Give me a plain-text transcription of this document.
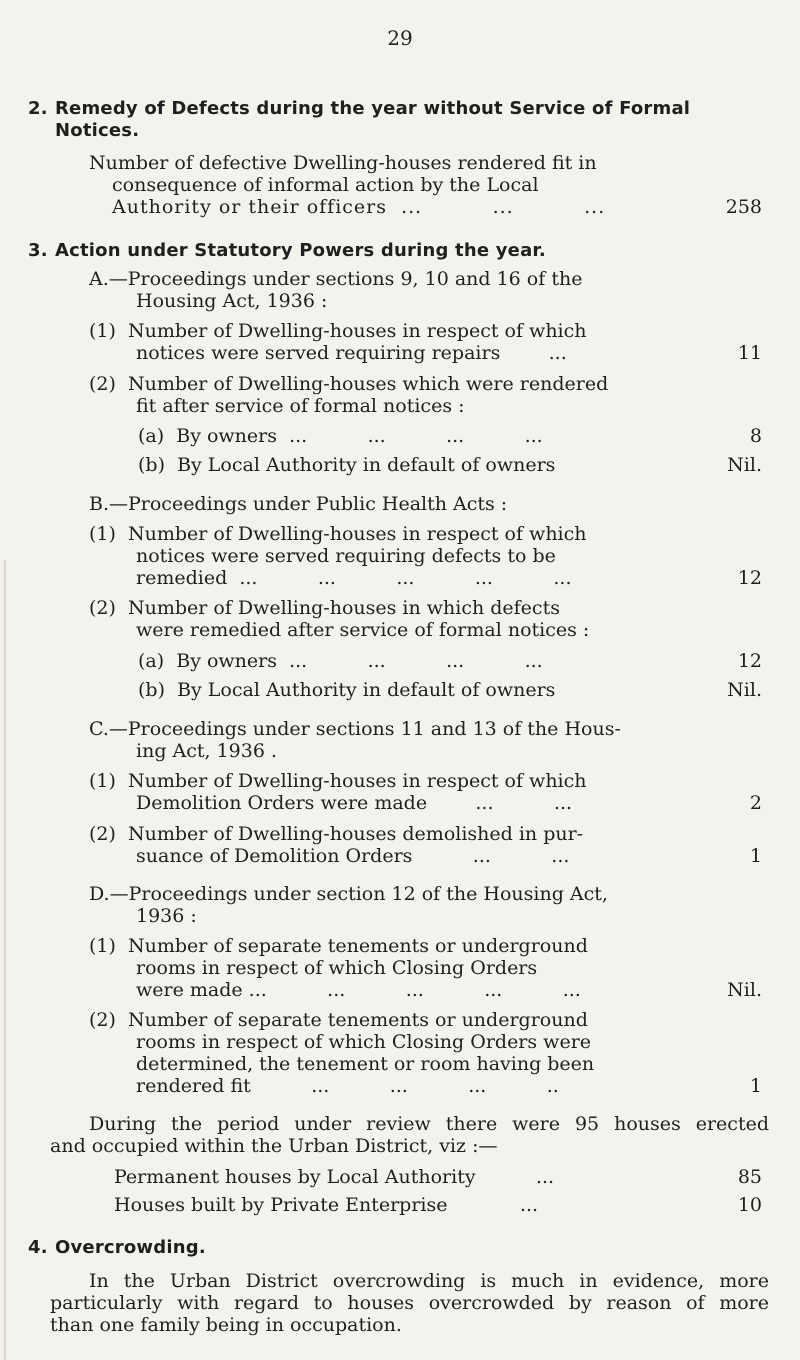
29
2. Remedy of Defects during the year without Service of Formal
Notices.
Number of defective Dwelling-houses rendered fit in
consequence of informal action by the Local
Authority or their officers  ...          ...          ...	258
3. Action under Statutory Powers during the year.
A.—Proceedings under sections 9, 10 and 16 of the
Housing Act, 1936 :
(1)  Number of Dwelling-houses in respect of which
notices were served requiring repairs        ...	11
(2)  Number of Dwelling-houses which were rendered
fit after service of formal notices :
(a)  By owners  ...          ...          ...          ...	8
(b)  By Local Authority in default of owners	Nil.
B.—Proceedings under Public Health Acts :
(1)  Number of Dwelling-houses in respect of which
notices were served requiring defects to be
remedied  ...          ...          ...          ...          ...	12
(2)  Number of Dwelling-houses in which defects
were remedied after service of formal notices :
(a)  By owners  ...          ...          ...          ...	12
(b)  By Local Authority in default of owners	Nil.
C.—Proceedings under sections 11 and 13 of the Hous-
ing Act, 1936 .
(1)  Number of Dwelling-houses in respect of which
Demolition Orders were made        ...          ...	2
(2)  Number of Dwelling-houses demolished in pur-
suance of Demolition Orders          ...          ...	1
D.—Proceedings under section 12 of the Housing Act,
1936 :
(1)  Number of separate tenements or underground
rooms in respect of which Closing Orders
were made ...          ...          ...          ...          ...	Nil.
(2)  Number of separate tenements or underground
rooms in respect of which Closing Orders were
determined, the tenement or room having been
rendered fit          ...          ...          ...          ..	1
During the period under review there were 95 houses erected
and occupied within the Urban District, viz :—
Permanent houses by Local Authority          ...	85
Houses built by Private Enterprise            ...	10
4. Overcrowding.
In the Urban District overcrowding is much in evidence, more
particularly with regard to houses overcrowded by reason of more
than one family being in occupation.
